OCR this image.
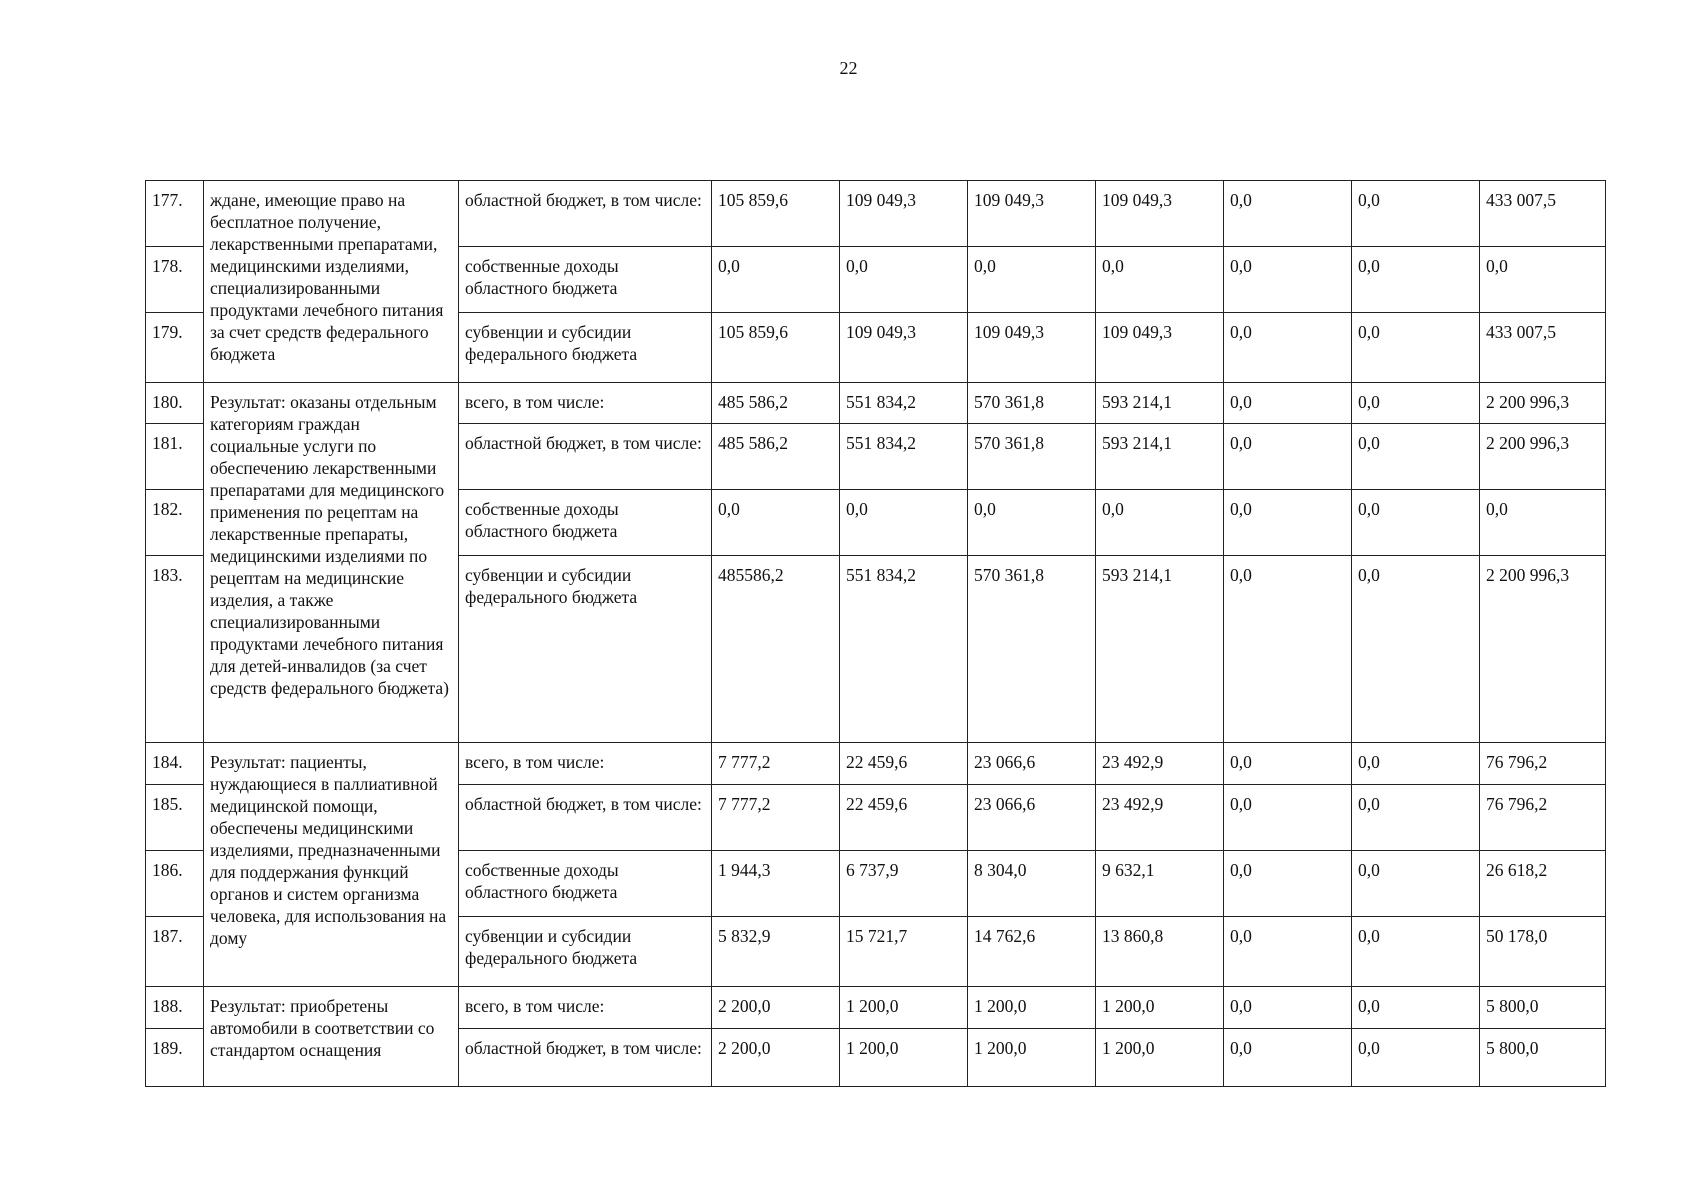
22
177.	ждане, имеющие право на бесплатное получение, лекарственными препаратами, медицинскими изделиями, специализированными продуктами лечебного питания за счет средств федерального бюджета	областной бюджет, в том числе:	105 859,6	109 049,3	109 049,3	109 049,3	0,0	0,0	433 007,5
178.		собственные доходы областного бюджета	0,0	0,0	0,0	0,0	0,0	0,0	0,0
179.		субвенции и субсидии федерального бюджета	105 859,6	109 049,3	109 049,3	109 049,3	0,0	0,0	433 007,5
180.	Результат: оказаны отдельным категориям граждан социальные услуги по обеспечению лекарственными препаратами для медицинского применения по рецептам на лекарственные препараты, медицинскими изделиями по рецептам на медицинские изделия, а также специализированными продуктами лечебного питания для детей-инвалидов (за счет средств федерального бюджета)	всего, в том числе:	485 586,2	551 834,2	570 361,8	593 214,1	0,0	0,0	2 200 996,3
181.		областной бюджет, в том числе:	485 586,2	551 834,2	570 361,8	593 214,1	0,0	0,0	2 200 996,3
182.		собственные доходы областного бюджета	0,0	0,0	0,0	0,0	0,0	0,0	0,0
183.		субвенции и субсидии федерального бюджета	485586,2	551 834,2	570 361,8	593 214,1	0,0	0,0	2 200 996,3
184.	Результат: пациенты, нуждающиеся в паллиативной медицинской помощи, обеспечены медицинскими изделиями, предназначенными для поддержания функций органов и систем организма человека, для использования на дому	всего, в том числе:	7 777,2	22 459,6	23 066,6	23 492,9	0,0	0,0	76 796,2
185.		областной бюджет, в том числе:	7 777,2	22 459,6	23 066,6	23 492,9	0,0	0,0	76 796,2
186.		собственные доходы областного бюджета	1 944,3	6 737,9	8 304,0	9 632,1	0,0	0,0	26 618,2
187.		субвенции и субсидии федерального бюджета	5 832,9	15 721,7	14 762,6	13 860,8	0,0	0,0	50 178,0
188.	Результат: приобретены автомобили в соответствии со стандартом оснащения	всего, в том числе:	2 200,0	1 200,0	1 200,0	1 200,0	0,0	0,0	5 800,0
189.		областной бюджет, в том числе:	2 200,0	1 200,0	1 200,0	1 200,0	0,0	0,0	5 800,0
